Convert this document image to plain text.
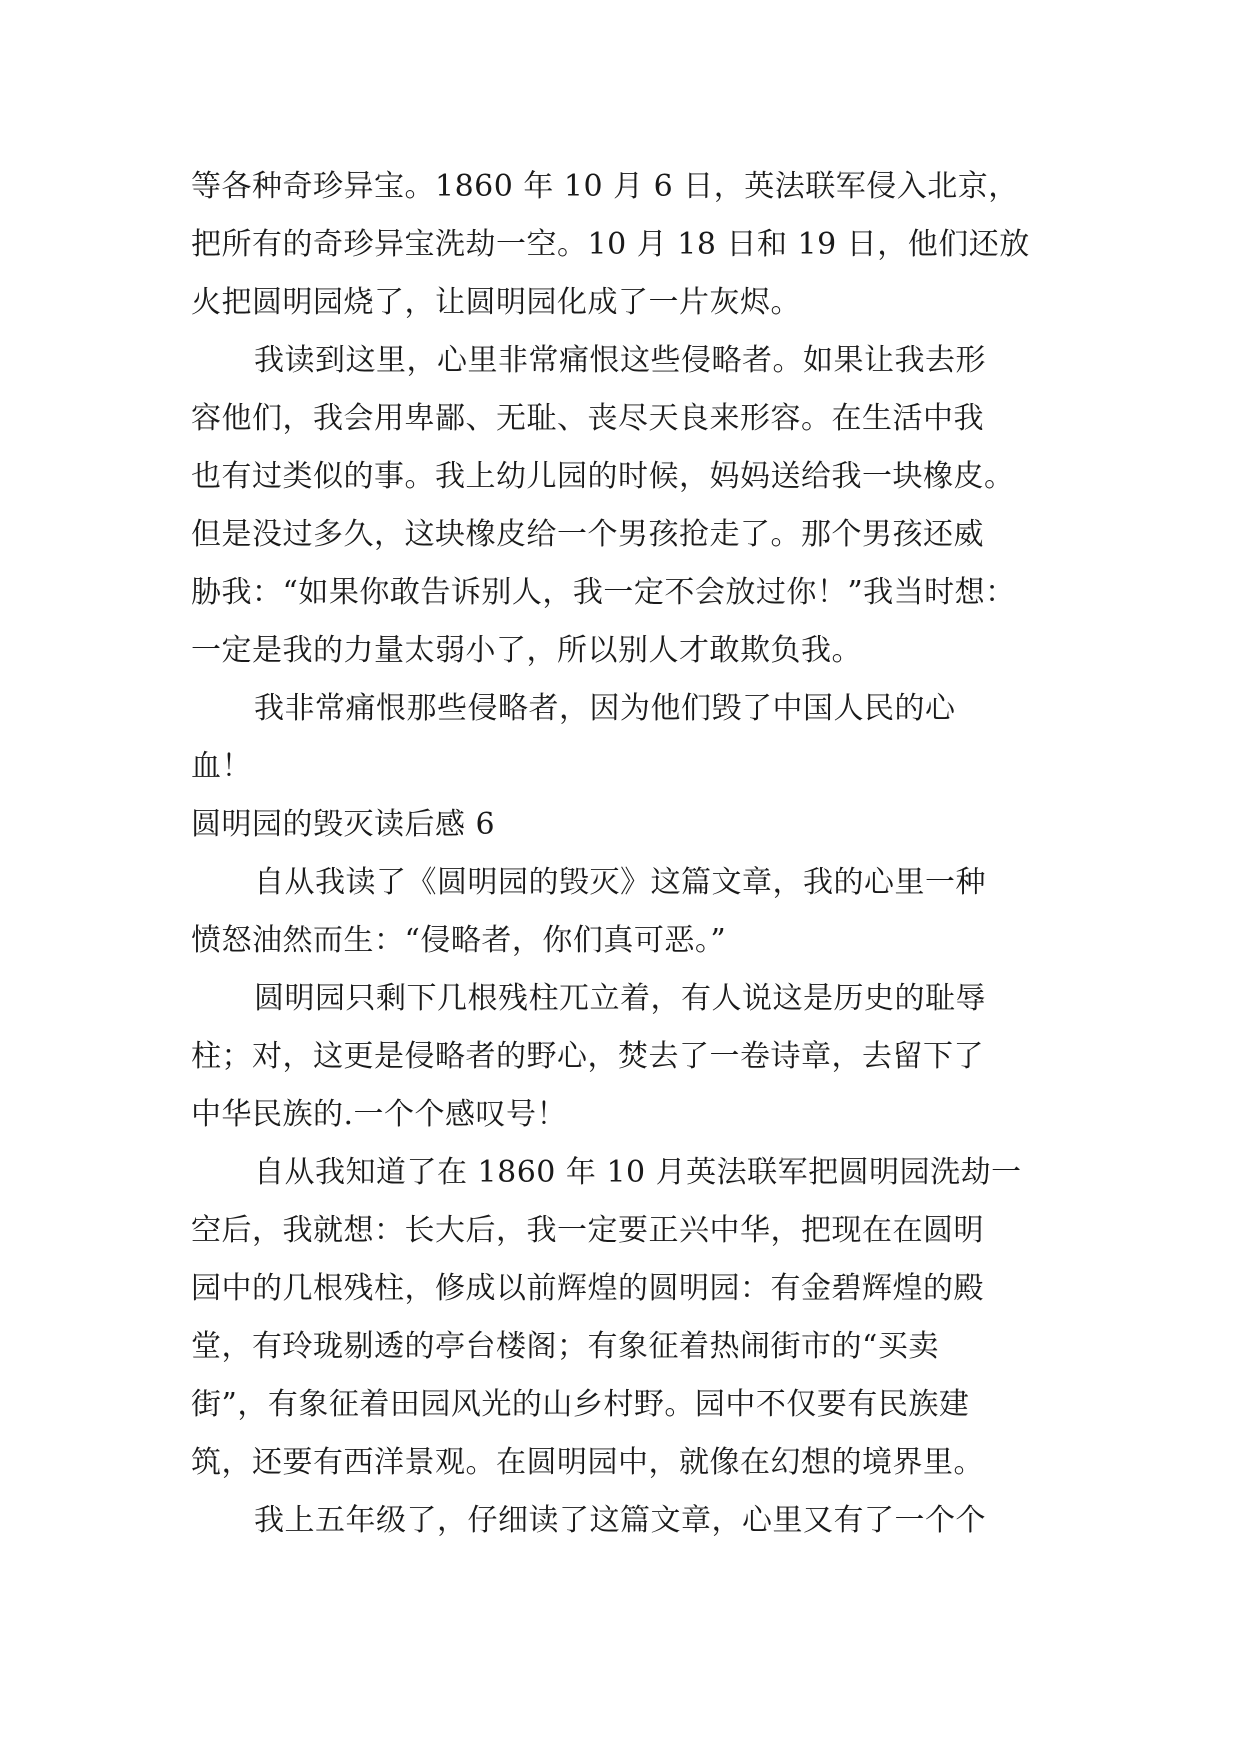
等各种奇珍异宝。1860 年 10 月 6 日，英法联军侵入北京，
把所有的奇珍异宝洗劫一空。10 月 18 日和 19 日，他们还放
火把圆明园烧了，让圆明园化成了一片灰烬。
我读到这里，心里非常痛恨这些侵略者。如果让我去形
容他们，我会用卑鄙、无耻、丧尽天良来形容。在生活中我
也有过类似的事。我上幼儿园的时候，妈妈送给我一块橡皮。
但是没过多久，这块橡皮给一个男孩抢走了。那个男孩还威
胁我：“如果你敢告诉别人，我一定不会放过你！”我当时想：
一定是我的力量太弱小了，所以别人才敢欺负我。
我非常痛恨那些侵略者，因为他们毁了中国人民的心
血！
圆明园的毁灭读后感 6
自从我读了《圆明园的毁灭》这篇文章，我的心里一种
愤怒油然而生：“侵略者，你们真可恶。”
圆明园只剩下几根残柱兀立着，有人说这是历史的耻辱
柱；对，这更是侵略者的野心，焚去了一卷诗章，去留下了
中华民族的.一个个感叹号！
自从我知道了在 1860 年 10 月英法联军把圆明园洗劫一
空后，我就想：长大后，我一定要正兴中华，把现在在圆明
园中的几根残柱，修成以前辉煌的圆明园：有金碧辉煌的殿
堂，有玲珑剔透的亭台楼阁；有象征着热闹街市的“买卖
街”，有象征着田园风光的山乡村野。园中不仅要有民族建
筑，还要有西洋景观。在圆明园中，就像在幻想的境界里。
我上五年级了，仔细读了这篇文章，心里又有了一个个
